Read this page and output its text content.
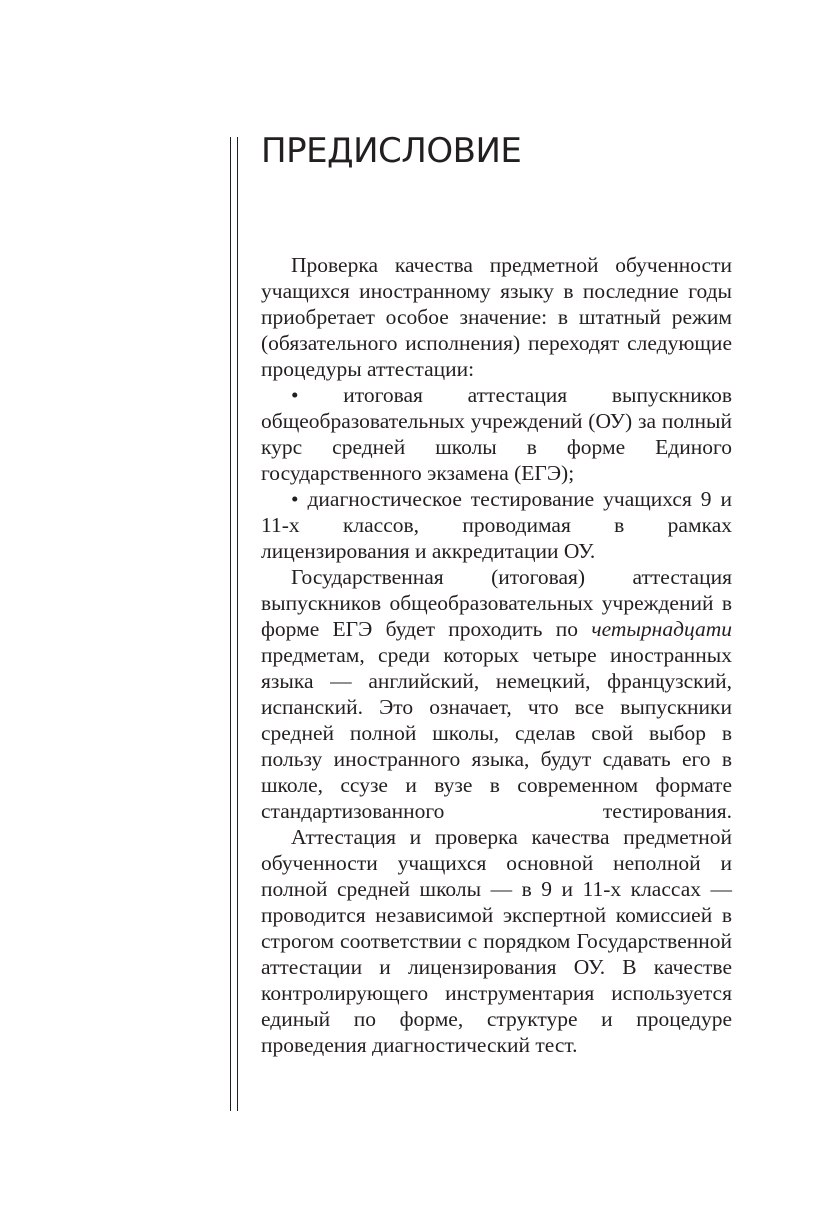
ПРЕДИСЛОВИЕ

Проверка качества предметной обученности учащихся иностранному языку в последние годы приобретает особое значение: в штатный режим (обязательного исполнения) переходят следующие процедуры аттестации:

• итоговая аттестация выпускников общеобразовательных учреждений (ОУ) за полный курс средней школы в форме Единого государственного экзамена (ЕГЭ);

• диагностическое тестирование учащихся 9 и 11-х классов, проводимая в рамках лицензирования и аккредитации ОУ.

Государственная (итоговая) аттестация выпускников общеобразовательных учреждений в форме ЕГЭ будет проходить по четырнадцати предметам, среди которых четыре иностранных языка — английский, немецкий, французский, испанский. Это означает, что все выпускники средней полной школы, сделав свой выбор в пользу иностранного языка, будут сдавать его в школе, ссузе и вузе в современном формате стандартизованного тестирования.

Аттестация и проверка качества предметной обученности учащихся основной неполной и полной средней школы — в 9 и 11-х классах — проводится независимой экспертной комиссией в строгом соответствии с порядком Государственной аттестации и лицензирования ОУ. В качестве контролирующего инструментария используется единый по форме, структуре и процедуре проведения диагностический тест.
